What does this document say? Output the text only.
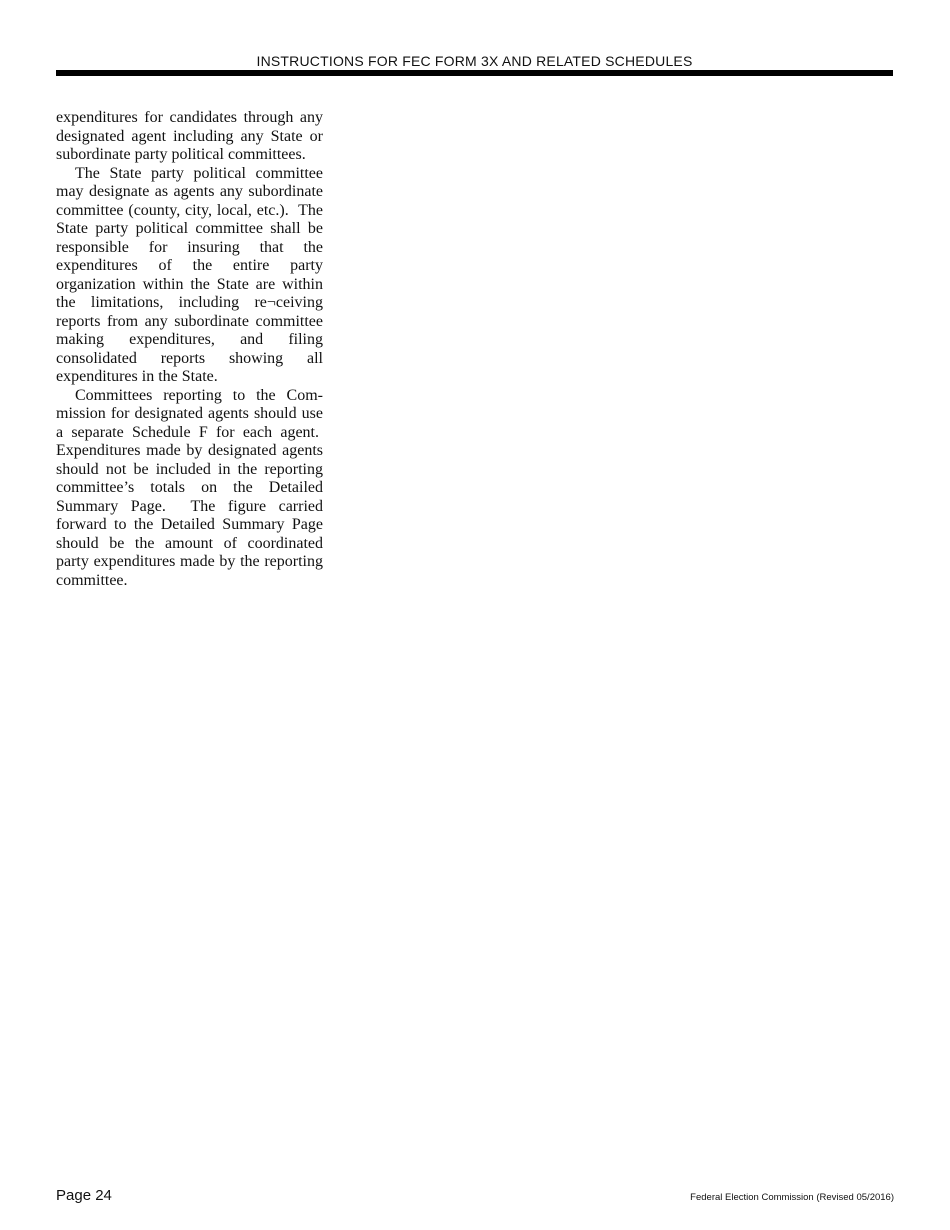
INSTRUCTIONS FOR FEC FORM 3X AND RELATED SCHEDULES

expenditures for candidates through any designated agent including any State or subordinate party political committees.

The State party political committee may designate as agents any subordinate committee (county, city, local, etc.).  The State party political committee shall be responsible for insuring that the expenditures of the entire party organization within the State are within the limitations, including re¬ceiving reports from any subordinate committee making expenditures, and filing consolidated reports showing all expenditures in the State.

Committees reporting to the Commission for designated agents should use a separate Schedule F for each agent.  Expenditures made by designated agents should not be included in the reporting committee’s totals on the Detailed Summary Page.  The figure carried forward to the Detailed Summary Page should be the amount of coordinated party expenditures made by the reporting committee.

Page 24	Federal Election Commission (Revised 05/2016)
